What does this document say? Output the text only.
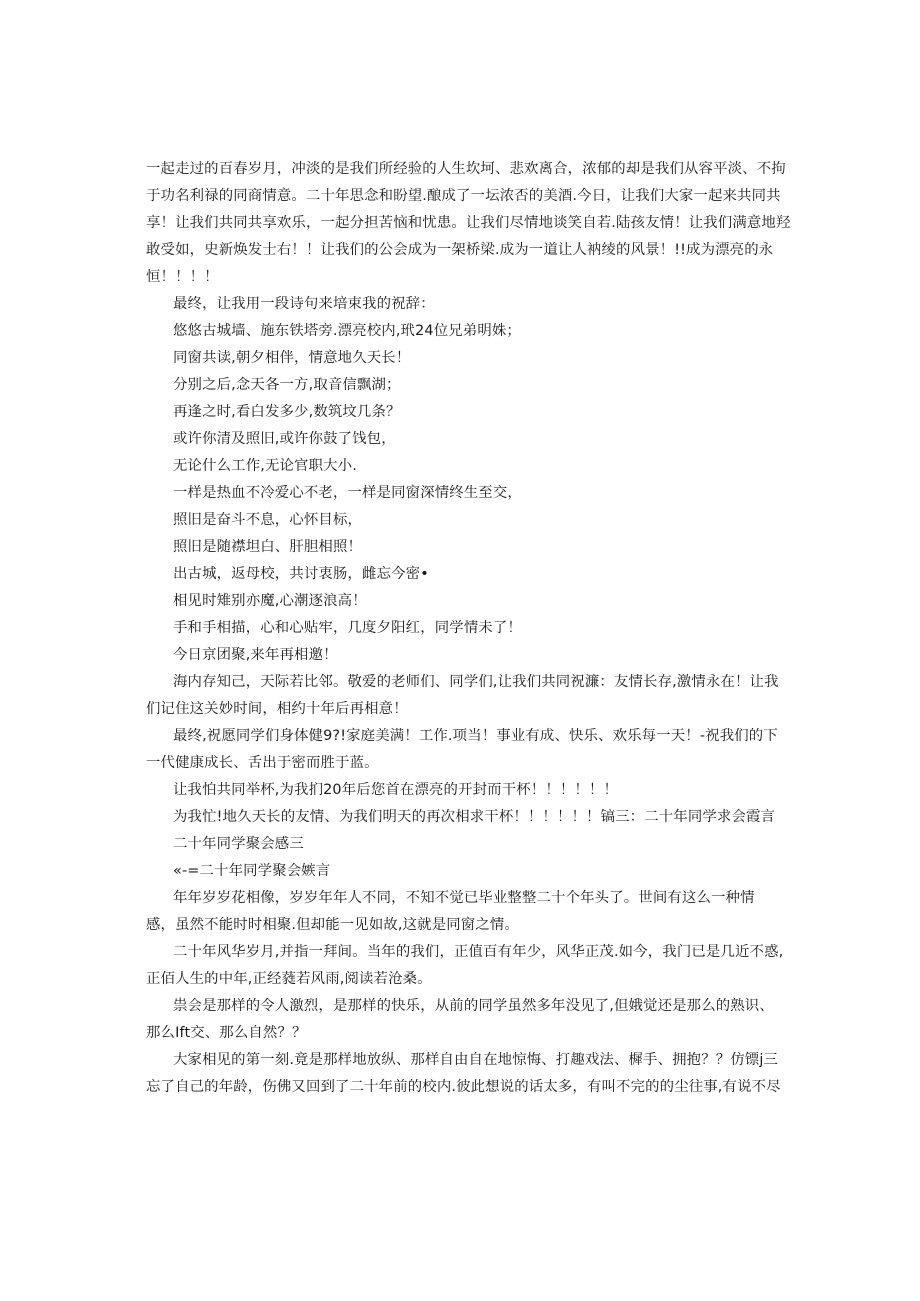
一起走过的百春岁月，冲淡的是我们所经验的人生坎坷、悲欢离合，浓郁的却是我们从容平淡、不拘
于功名利禄的同商情意。二十年思念和盼望.酿成了一坛浓否的美酒.今日，让我们大家一起来共同共
享！让我们共同共享欢乐，一起分担苦恼和忧患。让我们尽情地谈笑自若.陆孩友情！让我们满意地羟
敢受如，史新焕发士右！！让我们的公会成为一架桥梁.成为一道让人衲绫的风景！!!成为漂亮的永
恒！！！！
最终，让我用一段诗句来培束我的祝辞：
悠悠古城墙、施东铁塔旁.漂亮校内,玳24位兄弟明姝；
同窗共读,朝夕相伴，情意地久天长！
分别之后,念天各一方,取音信飘湖；
再逢之时,看白发多少,数筑坟几条？
或许你清及照旧,或许你鼓了饯包，
无论什么工作,无论官职大小.
一样是热血不冷爱心不老，一样是同窗深情终生至交，
照旧是奋斗不息，心怀目标，
照旧是随襟坦白、肝胆相照！
出古城，返母校，共讨衷肠，雌忘今密•
相见时雉别亦魔,心潮逐浪高！
手和手相描，心和心贴牢，几度夕阳红，同学情未了！
今日京团聚,来年再相邀！
海内存知己，天际若比邻。敬爱的老师们、同学们,让我们共同祝濂：友情长存,激情永在！让我
们记住这关妙时间，相约十年后再相意！
最终,祝愿同学们身体健9?!家庭美满！工作.项当！事业有成、快乐、欢乐每一天！-祝我们的下
一代健康成长、舌出于密而胜于蓝。
让我怕共同举杯,为我扪20年后您首在漂亮的开封而干杯！！！！！！
为我忙!地久天长的友情、为我们明天的再次相求干杯！！！！！！镐三：二十年同学求会霞言
二十年同学聚会感三
«-=二十年同学聚会嫉言
年年岁岁花相像，岁岁年年人不同，不知不觉已毕业整整二十个年头了。世间有这么一种情
感，虽然不能时时相聚.但却能一见如故,这就是同窗之情。
二十年风华岁月,并指一拜间。当年的我们，正值百有年少，风华正茂.如今，我门已是几近不惑,
正佰人生的中年,正经蕤若风雨,阅读若沧桑。
祟会是那样的令人激烈，是那样的快乐，从前的同学虽然多年没见了,但娥觉还是那么的熟识、
那么Ift交、那么自然？？
大家相见的第一刻.竟是那样地放纵、那样自由自在地惊悔、打趣戏法、樨手、拥抱？？仿镖j三
忘了自己的年龄，伤佛又回到了二十年前的校内.彼此想说的话太多，有叫不完的的尘往事,有说不尽
